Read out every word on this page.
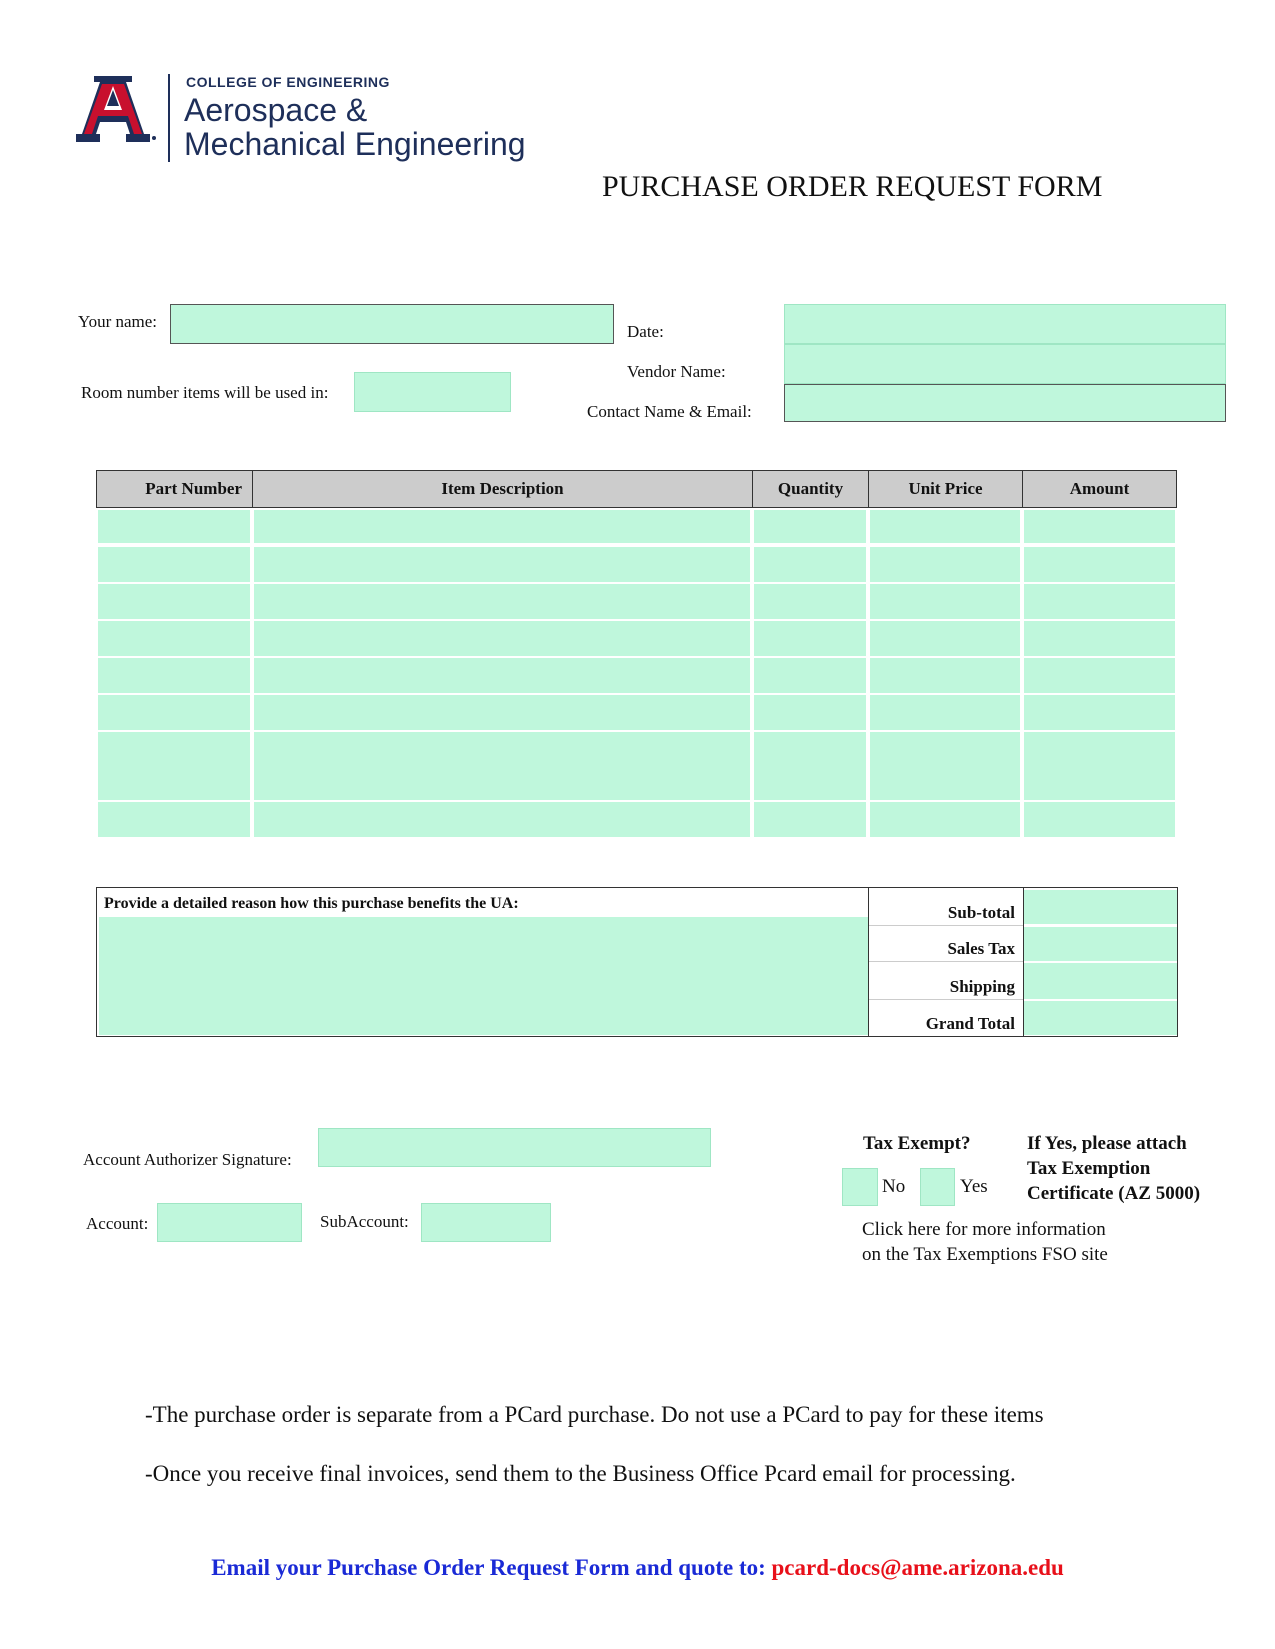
COLLEGE OF ENGINEERING
Aerospace &
Mechanical Engineering
PURCHASE ORDER REQUEST FORM
Your name:
Room number items will be used in:
Date:
Vendor Name:
Contact Name & Email:
Part Number	Item Description	Quantity	Unit Price	Amount
Provide a detailed reason how this purchase benefits the UA:	Sub-total
Sales Tax
Shipping
Grand Total
Account Authorizer Signature:
Account:	SubAccount:
Tax Exempt?
No	Yes
If Yes, please attach
Tax Exemption
Certificate (AZ 5000)
Click here for more information
on the Tax Exemptions FSO site
-The purchase order is separate from a PCard purchase. Do not use a PCard to pay for these items
-Once you receive final invoices, send them to the Business Office Pcard email for processing.
Email your Purchase Order Request Form and quote to: pcard-docs@ame.arizona.edu
